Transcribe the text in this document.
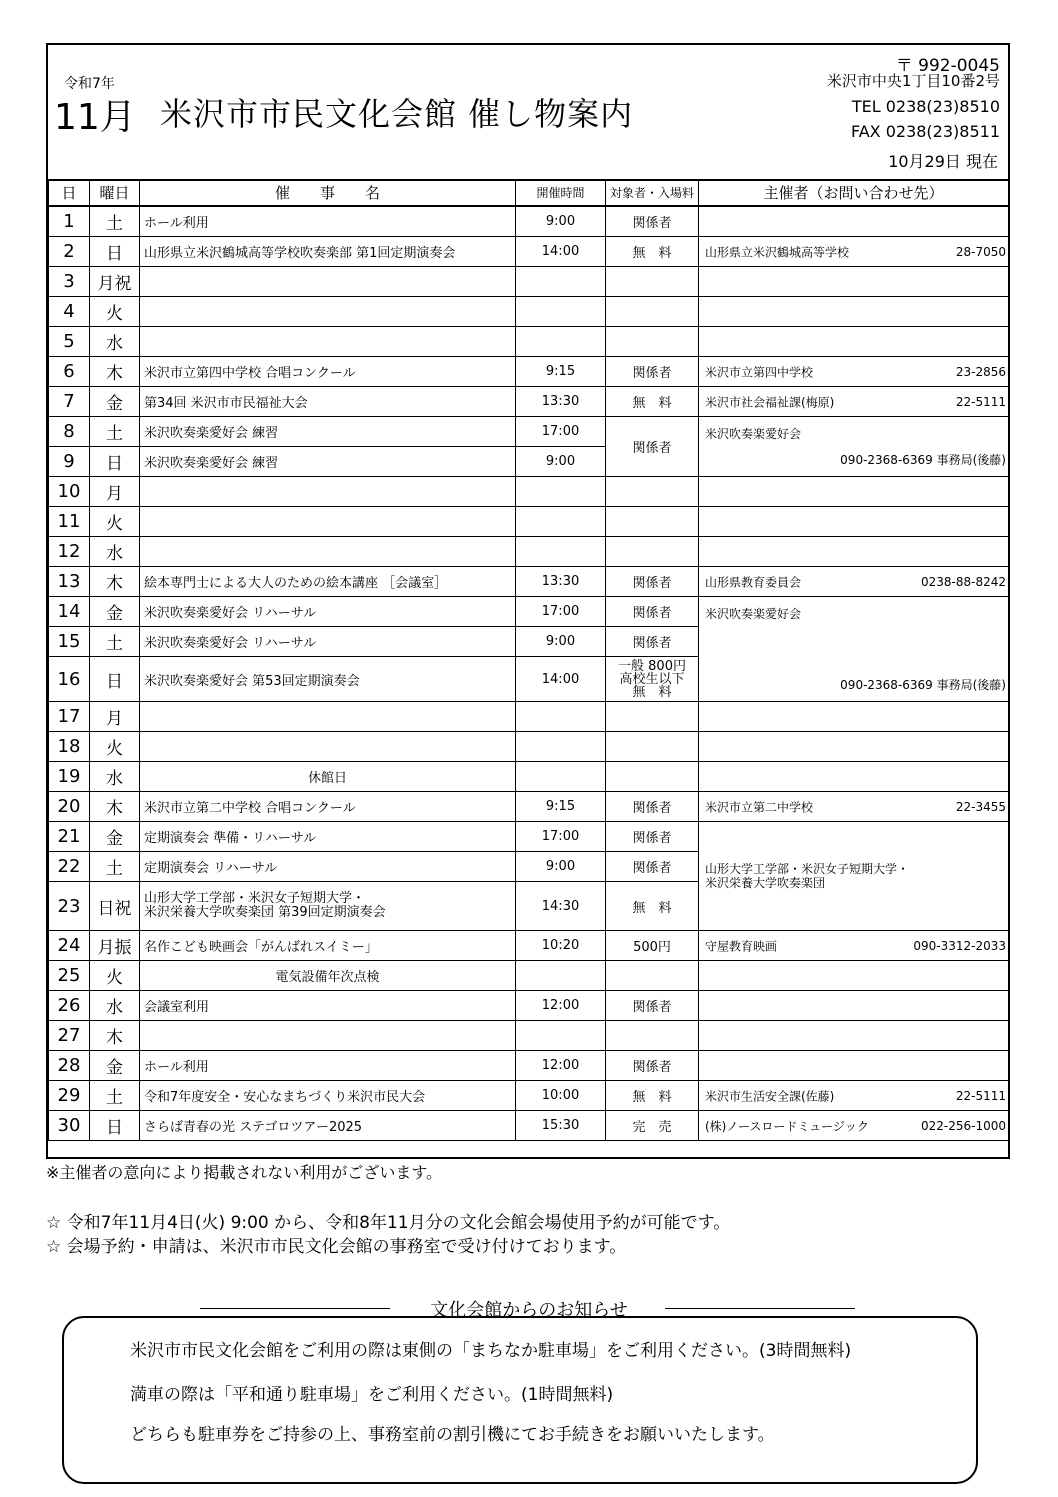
令和7年
11月 米沢市市民文化会館 催し物案内
〒 992-0045
米沢市中央1丁目10番2号
TEL 0238(23)8510
FAX 0238(23)8511
10月29日 現在
日	曜日	催　　事　　名	開催時間	対象者・入場料	主催者（お問い合わせ先）
1	土	ホール利用	9:00	関係者	

2	日	山形県立米沢鶴城高等学校吹奏楽部 第1回定期演奏会	14:00	無　料	山形県立米沢鶴城高等学校 28-7050

3	月祝				

4	火				

5	水				

6	木	米沢市立第四中学校 合唱コンクール	9:15	関係者	米沢市立第四中学校 23-2856

7	金	第34回 米沢市市民福祉大会	13:30	無　料	米沢市社会福祉課(梅原) 22-5111

8	土	米沢吹奏楽愛好会 練習	17:00	関係者	米沢吹奏楽愛好会
090-2368-6369 事務局(後藤)

9	日	米沢吹奏楽愛好会 練習	9:00		
10	月				

11	火				

12	水				

13	木	絵本専門士による大人のための絵本講座 ［会議室］	13:30	関係者	山形県教育委員会 0238-88-8242

14	金	米沢吹奏楽愛好会 リハーサル	17:00	関係者	米沢吹奏楽愛好会
090-2368-6369 事務局(後藤)

15	土	米沢吹奏楽愛好会 リハーサル	9:00	関係者	
16	日	米沢吹奏楽愛好会 第53回定期演奏会	14:00	一般 800円
高校生以下
無　料	
17	月				

18	火				

19	水	休館日			

20	木	米沢市立第二中学校 合唱コンクール	9:15	関係者	米沢市立第二中学校 22-3455

21	金	定期演奏会 準備・リハーサル	17:00	関係者	山形大学工学部・米沢女子短期大学・
米沢栄養大学吹奏楽団

22	土	定期演奏会 リハーサル	9:00	関係者	
23	日祝	山形大学工学部・米沢女子短期大学・
米沢栄養大学吹奏楽団 第39回定期演奏会	14:30	無　料	
24	月振	名作こども映画会「がんばれスイミー」	10:20	500円	守屋教育映画 090-3312-2033

25	火	電気設備年次点検			

26	水	会議室利用	12:00	関係者	

27	木				

28	金	ホール利用	12:00	関係者	

29	土	令和7年度安全・安心なまちづくり米沢市民大会	10:00	無　料	米沢市生活安全課(佐藤) 22-5111

30	日	さらば青春の光 ステゴロツアー2025	15:30	完　売	(株)ノースロードミュージック 022-256-1000
※主催者の意向により掲載されない利用がございます。
☆ 令和7年11月4日(火) 9:00 から、令和8年11月分の文化会館会場使用予約が可能です。
☆ 会場予約・申請は、米沢市市民文化会館の事務室で受け付けております。
文化会館からのお知らせ
米沢市市民文化会館をご利用の際は東側の「まちなか駐車場」をご利用ください。(3時間無料)
満車の際は「平和通り駐車場」をご利用ください。(1時間無料)
どちらも駐車券をご持参の上、事務室前の割引機にてお手続きをお願いいたします。
